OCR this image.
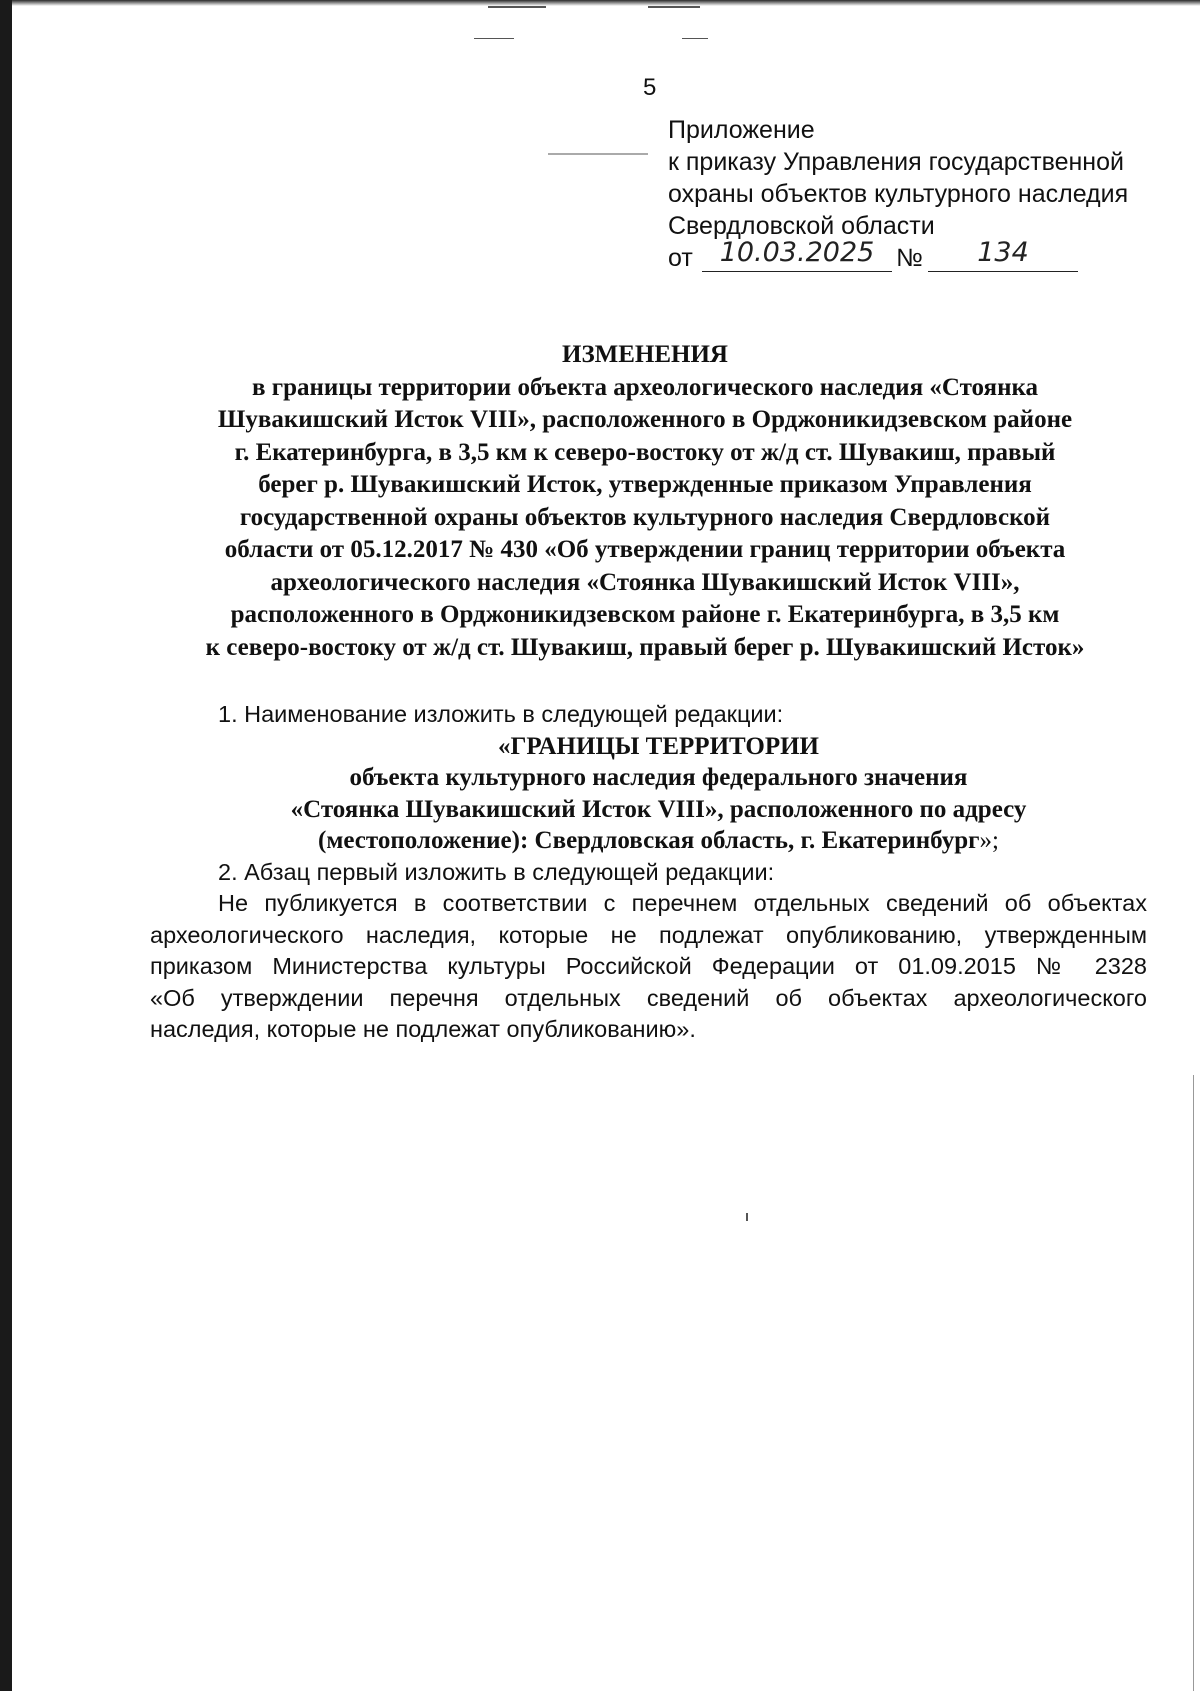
5
Приложение
к приказу Управления государственной
охраны объектов культурного наследия
Свердловской области
от 10.03.2025 №	134
ИЗМЕНЕНИЯ
в границы территории объекта археологического наследия «Стоянка
Шувакишский Исток VIII», расположенного в Орджоникидзевском районе
г. Екатеринбурга, в 3,5 км к северо-востоку от ж/д ст. Шувакиш, правый
берег р. Шувакишский Исток, утвержденные приказом Управления
государственной охраны объектов культурного наследия Свердловской
области от 05.12.2017 № 430 «Об утверждении границ территории объекта
археологического наследия «Стоянка Шувакишский Исток VIII»,
расположенного в Орджоникидзевском районе г. Екатеринбурга, в 3,5 км
к северо-востоку от ж/д ст. Шувакиш, правый берег р. Шувакишский Исток»
1. Наименование изложить в следующей редакции:
«ГРАНИЦЫ ТЕРРИТОРИИ
объекта культурного наследия федерального значения
«Стоянка Шувакишский Исток VIII», расположенного по адресу
(местоположение): Свердловская область, г. Екатеринбург»;
2. Абзац первый изложить в следующей редакции:
Не публикуется в соответствии с перечнем отдельных сведений об объектах
археологического наследия, которые не подлежат опубликованию, утвержденным
приказом Министерства культуры Российской Федерации от 01.09.2015 № 2328
«Об утверждении перечня отдельных сведений об объектах археологического
наследия, которые не подлежат опубликованию».
